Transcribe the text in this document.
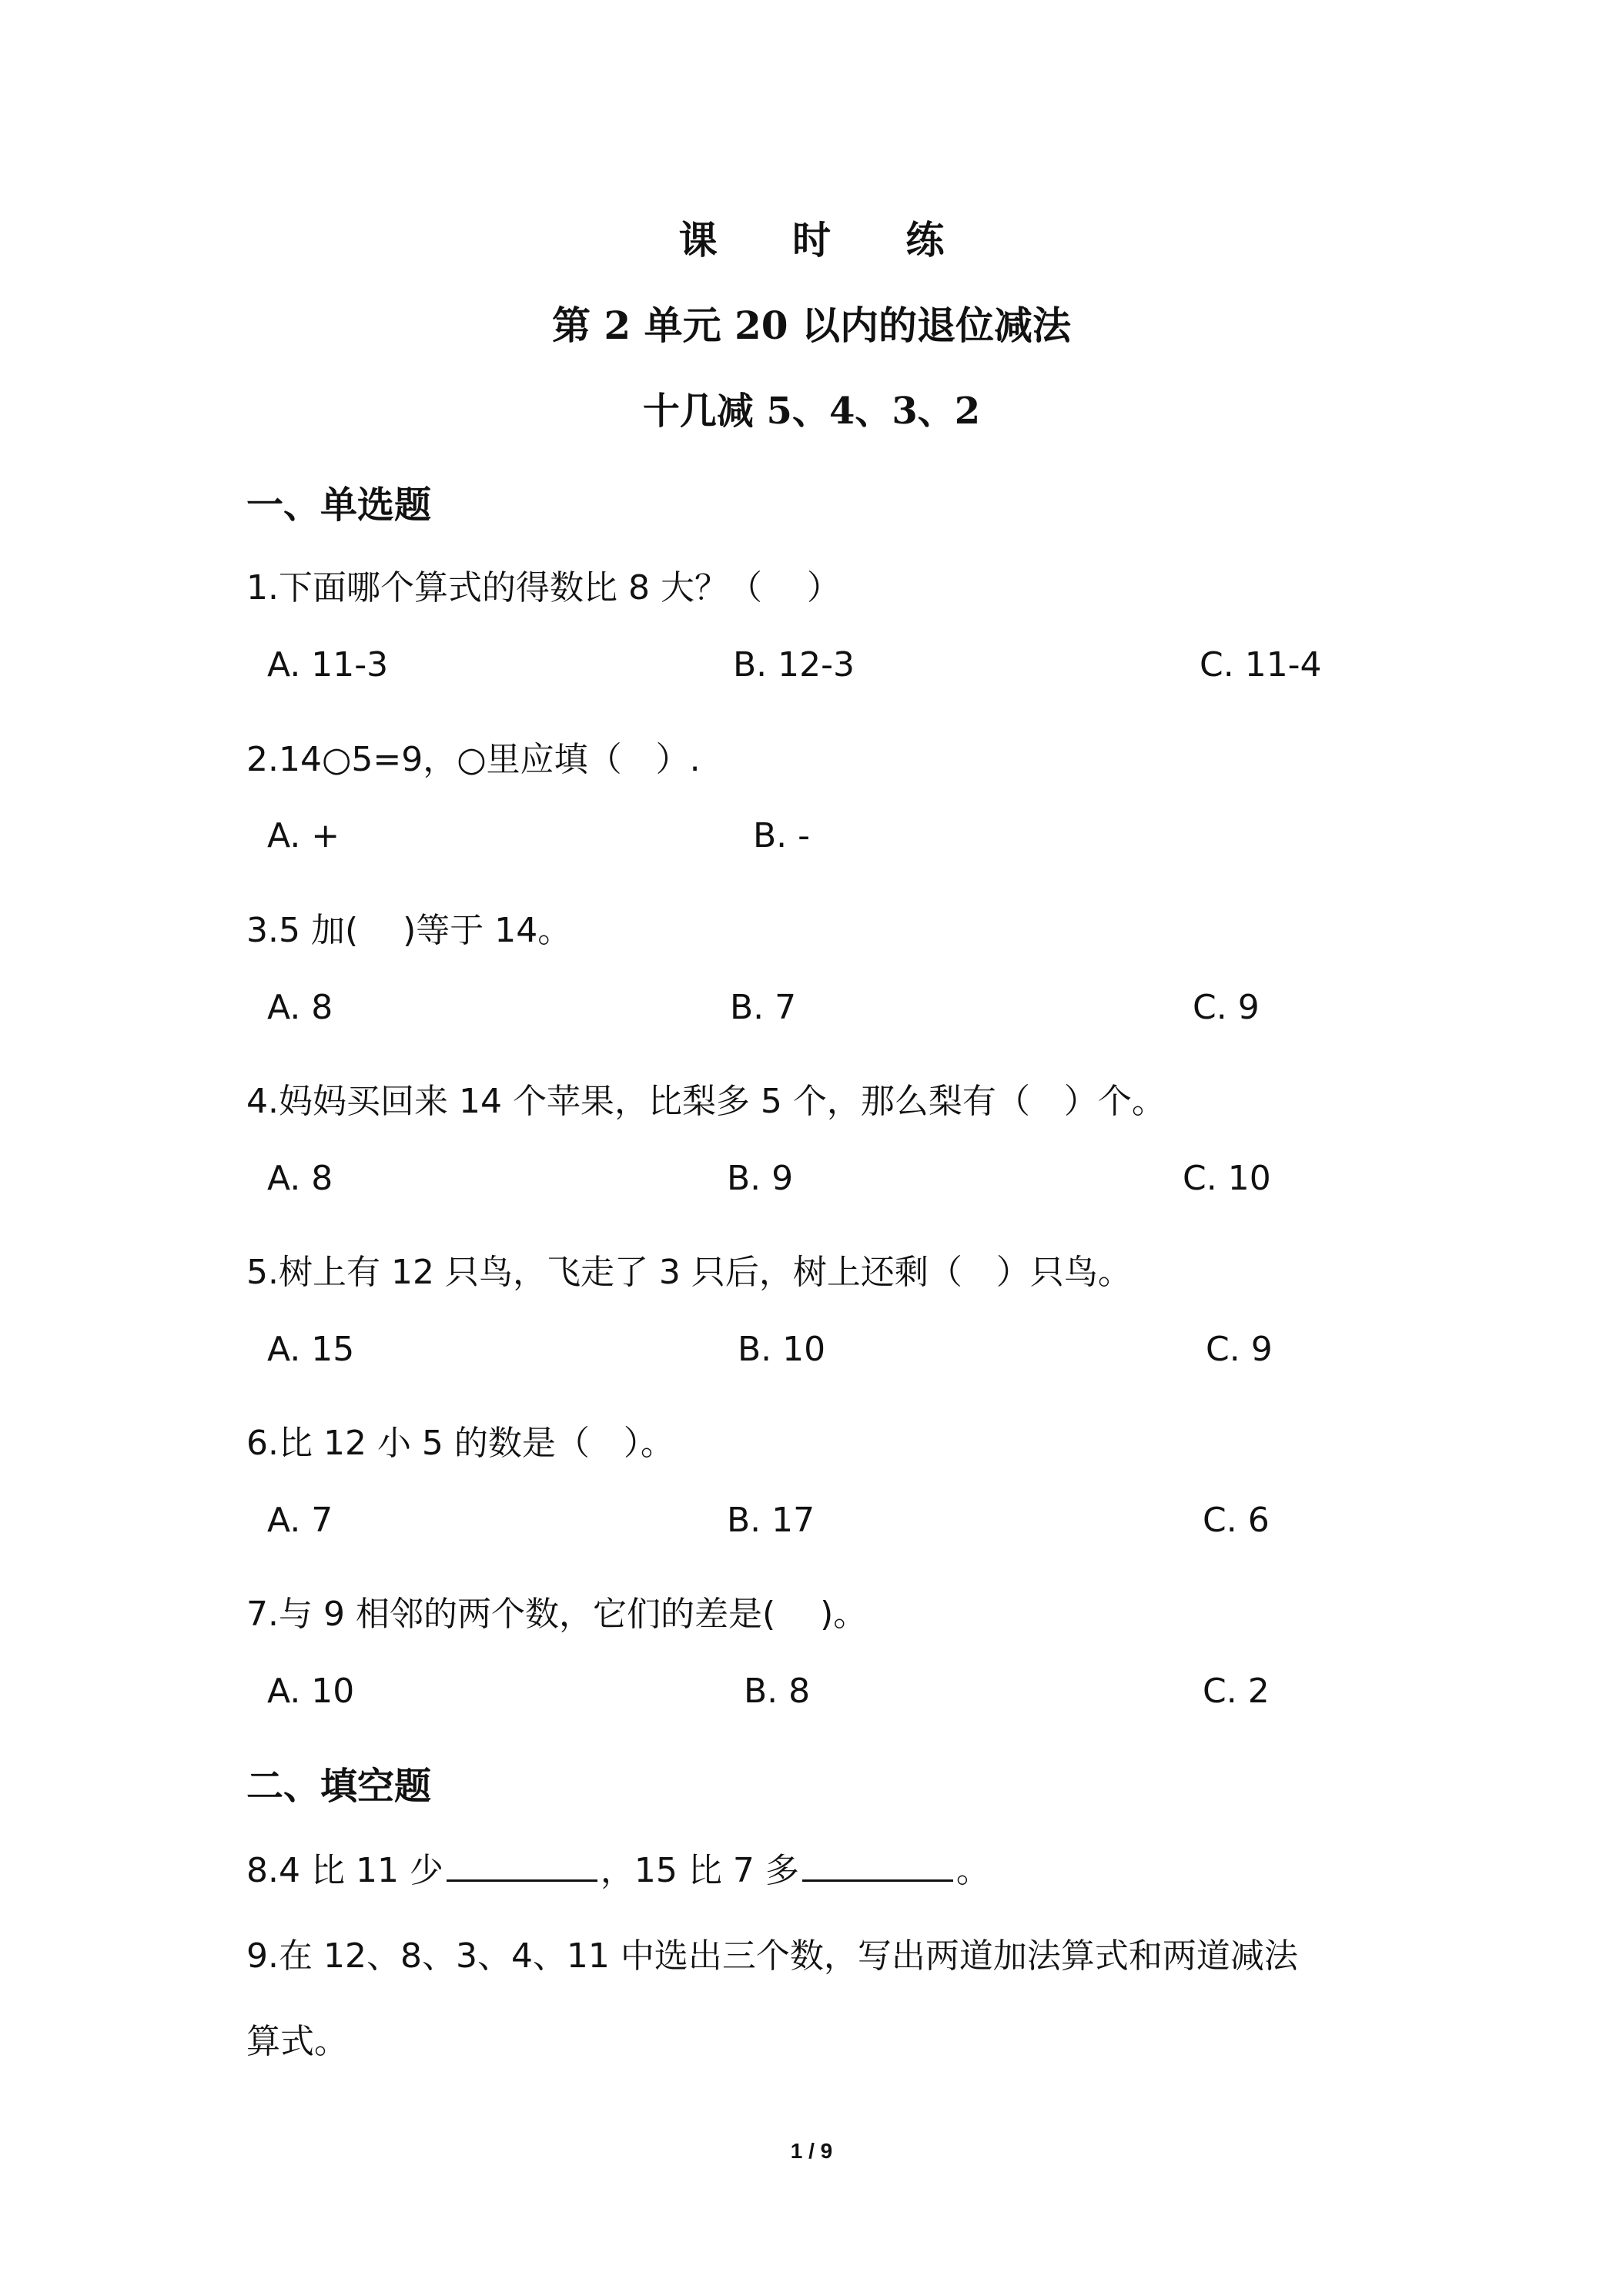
课 时 练
第 2 单元 20 以内的退位减法
十几减 5、4、3、2
一、单选题
1.下面哪个算式的得数比 8 大？（　 ）
A. 11-3	B. 12-3	C. 11-4
2.14○5=9，○里应填（　）.
A. +	B. -
3.5 加(　 )等于 14。
A. 8	B. 7	C. 9
4.妈妈买回来 14 个苹果，比梨多 5 个，那么梨有（　）个。
A. 8	B. 9	C. 10
5.树上有 12 只鸟，飞走了 3 只后，树上还剩（　）只鸟。
A. 15	B. 10	C. 9
6.比 12 小 5 的数是（　）。
A. 7	B. 17	C. 6
7.与 9 相邻的两个数，它们的差是(　 )。
A. 10	B. 8	C. 2
二、填空题
8.4 比 11 少	，15 比 7 多	。
9.在 12、8、3、4、11 中选出三个数，写出两道加法算式和两道减法
算式。
1 / 9
